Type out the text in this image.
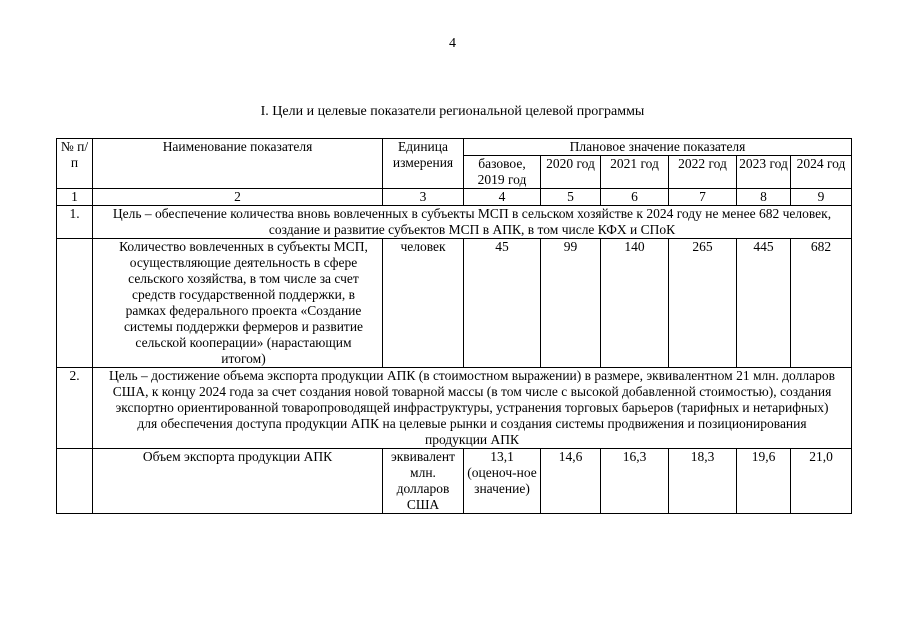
4
I. Цели и целевые показатели региональной целевой программы
№ п/п	Наименование показателя	Единица измерения	Плановое значение показателя					
			базовое, 2019 год	2020 год	2021 год	2022 год	2023 год	2024 год
1	2	3	4	5	6	7	8	9
1.	Цель – обеспечение количества вновь вовлеченных в субъекты МСП в сельском хозяйстве к 2024 году не менее 682 человек, создание и развитие субъектов МСП в АПК, в том числе КФХ и СПоК							
	Количество вовлеченных в субъекты МСП, осуществляющие деятельность в сфере сельского хозяйства, в том числе за счет средств государственной поддержки, в рамках федерального проекта «Создание системы поддержки фермеров и развитие сельской кооперации» (нарастающим итогом)	человек	45	99	140	265	445	682
2.	Цель – достижение объема экспорта продукции АПК (в стоимостном выражении) в размере, эквивалентном 21 млн. долларов США, к концу 2024 года за счет создания новой товарной массы (в том числе с высокой добавленной стоимостью), создания экспортно ориентированной товаропроводящей инфраструктуры, устранения торговых барьеров (тарифных и нетарифных) для обеспечения доступа продукции АПК на целевые рынки и создания системы продвижения и позиционирования продукции АПК							
	Объем экспорта продукции АПК	эквивалент млн. долларов США	13,1 (оценоч-ное значение)	14,6	16,3	18,3	19,6	21,0
